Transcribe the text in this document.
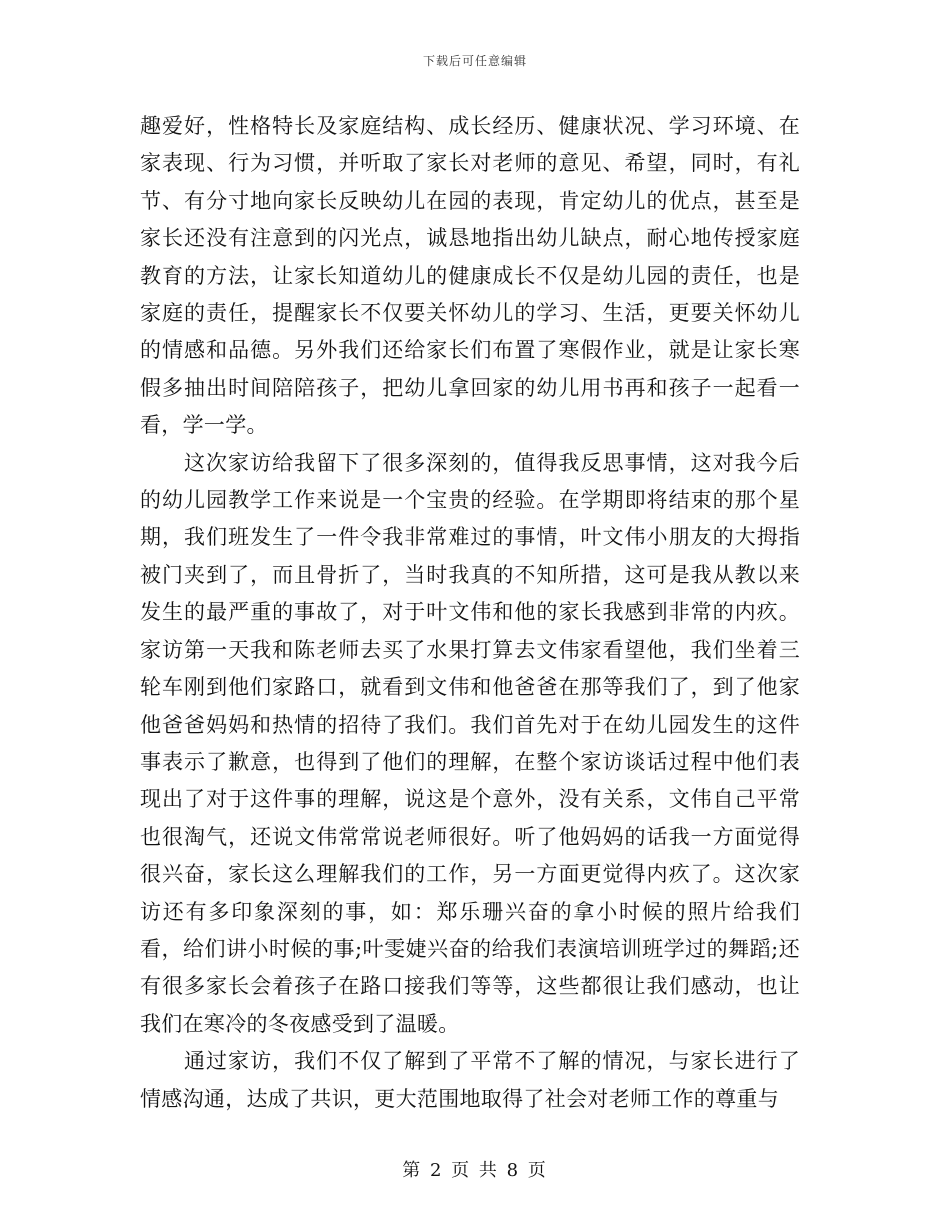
下载后可任意编辑

趣爱好，性格特长及家庭结构、成长经历、健康状况、学习环境、在家表现、行为习惯，并听取了家长对老师的意见、希望，同时，有礼节、有分寸地向家长反映幼儿在园的表现，肯定幼儿的优点，甚至是家长还没有注意到的闪光点，诚恳地指出幼儿缺点，耐心地传授家庭教育的方法，让家长知道幼儿的健康成长不仅是幼儿园的责任，也是家庭的责任，提醒家长不仅要关怀幼儿的学习、生活，更要关怀幼儿的情感和品德。另外我们还给家长们布置了寒假作业，就是让家长寒假多抽出时间陪陪孩子，把幼儿拿回家的幼儿用书再和孩子一起看一看，学一学。

这次家访给我留下了很多深刻的，值得我反思事情，这对我今后的幼儿园教学工作来说是一个宝贵的经验。在学期即将结束的那个星期，我们班发生了一件令我非常难过的事情，叶文伟小朋友的大拇指被门夹到了，而且骨折了，当时我真的不知所措，这可是我从教以来发生的最严重的事故了，对于叶文伟和他的家长我感到非常的内疚。家访第一天我和陈老师去买了水果打算去文伟家看望他，我们坐着三轮车刚到他们家路口，就看到文伟和他爸爸在那等我们了，到了他家他爸爸妈妈和热情的招待了我们。我们首先对于在幼儿园发生的这件事表示了歉意，也得到了他们的理解，在整个家访谈话过程中他们表现出了对于这件事的理解，说这是个意外，没有关系，文伟自己平常也很淘气，还说文伟常常说老师很好。听了他妈妈的话我一方面觉得很兴奋，家长这么理解我们的工作，另一方面更觉得内疚了。这次家访还有多印象深刻的事，如：郑乐珊兴奋的拿小时候的照片给我们看，给们讲小时候的事;叶雯婕兴奋的给我们表演培训班学过的舞蹈;还有很多家长会着孩子在路口接我们等等，这些都很让我们感动，也让我们在寒冷的冬夜感受到了温暖。

通过家访，我们不仅了解到了平常不了解的情况，与家长进行了情感沟通，达成了共识，更大范围地取得了社会对老师工作的尊重与

第 2 页 共 8 页
